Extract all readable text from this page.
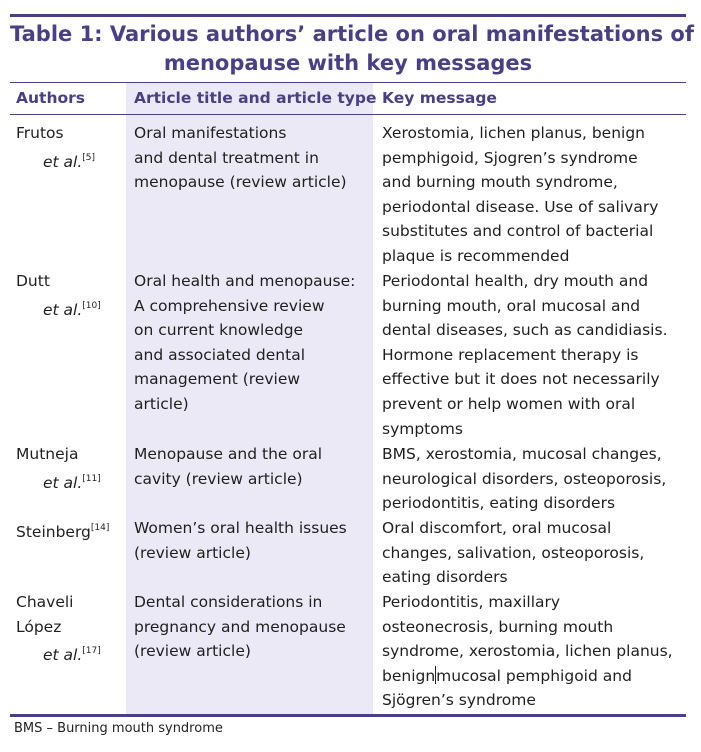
Table 1: Various authors’ article on oral manifestations of
menopause with key messages
Authors	Article title and article type Key message
Frutos
et al.[5]
Oral manifestations
and dental treatment in
menopause (review article)
Xerostomia, lichen planus, benign
pemphigoid, Sjogren’s syndrome
and burning mouth syndrome,
periodontal disease. Use of salivary
substitutes and control of bacterial
plaque is recommended
Dutt
et al.[10]
Oral health and menopause:
A comprehensive review
on current knowledge
and associated dental
management (review
article)
Periodontal health, dry mouth and
burning mouth, oral mucosal and
dental diseases, such as candidiasis.
Hormone replacement therapy is
effective but it does not necessarily
prevent or help women with oral
symptoms
Mutneja
et al.[11]
Menopause and the oral
cavity (review article)
BMS, xerostomia, mucosal changes,
neurological disorders, osteoporosis,
periodontitis, eating disorders
Steinberg[14] Women’s oral health issues
(review article)
Oral discomfort, oral mucosal
changes, salivation, osteoporosis,
eating disorders
Chaveli
López
et al.[17]
Dental considerations in
pregnancy and menopause
(review article)
Periodontitis, maxillary
osteonecrosis, burning mouth
syndrome, xerostomia, lichen planus,
benignmucosal pemphigoid and
Sjögren’s syndrome
BMS – Burning mouth syndrome
